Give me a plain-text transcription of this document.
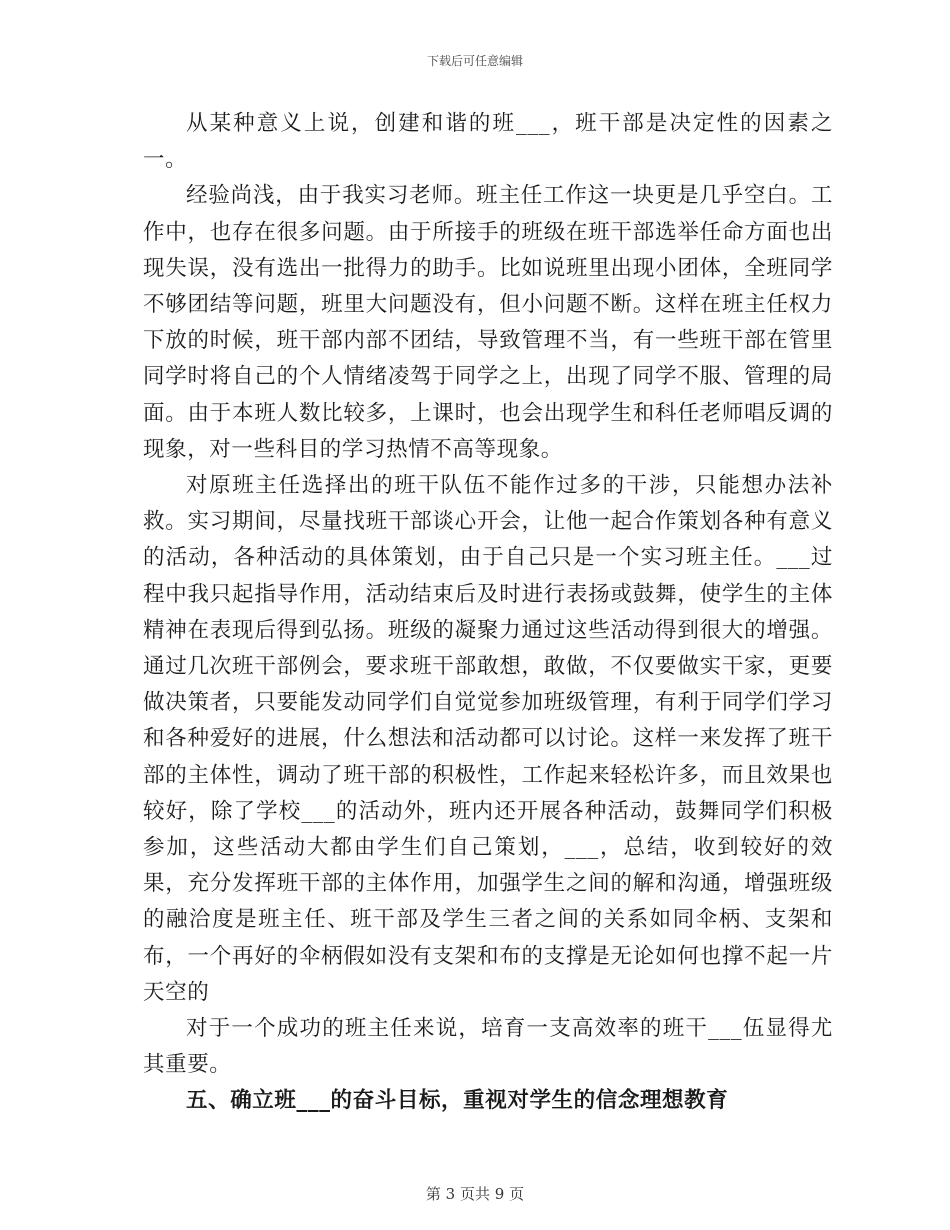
下载后可任意编辑

从某种意义上说，创建和谐的班___，班干部是决定性的因素之一。

经验尚浅，由于我实习老师。班主任工作这一块更是几乎空白。工作中，也存在很多问题。由于所接手的班级在班干部选举任命方面也出现失误，没有选出一批得力的助手。比如说班里出现小团体，全班同学不够团结等问题，班里大问题没有，但小问题不断。这样在班主任权力下放的时候，班干部内部不团结，导致管理不当，有一些班干部在管里同学时将自己的个人情绪凌驾于同学之上，出现了同学不服、管理的局面。由于本班人数比较多，上课时，也会出现学生和科任老师唱反调的现象，对一些科目的学习热情不高等现象。

对原班主任选择出的班干队伍不能作过多的干涉，只能想办法补救。实习期间，尽量找班干部谈心开会，让他一起合作策划各种有意义的活动，各种活动的具体策划，由于自己只是一个实习班主任。___过程中我只起指导作用，活动结束后及时进行表扬或鼓舞，使学生的主体精神在表现后得到弘扬。班级的凝聚力通过这些活动得到很大的增强。通过几次班干部例会，要求班干部敢想，敢做，不仅要做实干家，更要做决策者，只要能发动同学们自觉觉参加班级管理，有利于同学们学习和各种爱好的进展，什么想法和活动都可以讨论。这样一来发挥了班干部的主体性，调动了班干部的积极性，工作起来轻松许多，而且效果也较好，除了学校___的活动外，班内还开展各种活动，鼓舞同学们积极参加，这些活动大都由学生们自己策划，___，总结，收到较好的效果，充分发挥班干部的主体作用，加强学生之间的解和沟通，增强班级的融洽度是班主任、班干部及学生三者之间的关系如同伞柄、支架和布，一个再好的伞柄假如没有支架和布的支撑是无论如何也撑不起一片天空的

对于一个成功的班主任来说，培育一支高效率的班干___伍显得尤其重要。

五、确立班___的奋斗目标，重视对学生的信念理想教育

第 3 页共 9 页
